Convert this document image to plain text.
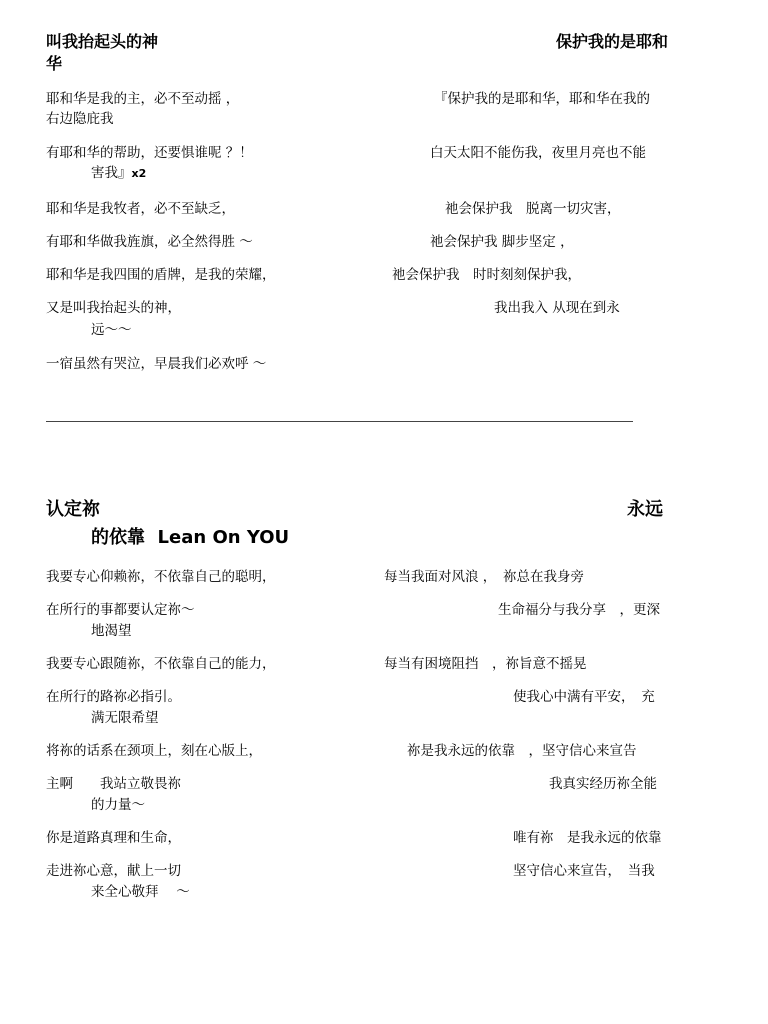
叫我抬起头的神	保护我的是耶和
华
耶和华是我的主，必不至动摇 ，	『保护我的是耶和华，耶和华在我的
右边隐庇我
有耶和华的帮助，还要惧谁呢 ？！	白天太阳不能伤我，夜里月亮也不能
害我』x2
耶和华是我牧者，必不至缺乏，	祂会保护我　脱离一切灾害，
有耶和华做我旌旗，必全然得胜 ～	祂会保护我 脚步坚定 ，
耶和华是我四围的盾牌，是我的荣耀，	祂会保护我　时时刻刻保护我，
又是叫我抬起头的神，	我出我入 从现在到永
远～～
一宿虽然有哭泣，早晨我们必欢呼 ～
认定祢	永远
的依靠 Lean On YOU
我要专心仰赖祢，不依靠自己的聪明，	每当我面对风浪 ，　祢总在我身旁
在所行的事都要认定祢～	生命福分与我分享　，更深
地渴望
我要专心跟随祢，不依靠自己的能力，	每当有困境阻挡　，祢旨意不摇晃
在所行的路祢必指引。	使我心中满有平安，　充
满无限希望
将祢的话系在颈项上，刻在心版上，	祢是我永远的依靠　，坚守信心来宣告
主啊　　我站立敬畏祢	我真实经历祢全能
的力量～
你是道路真理和生命，	唯有祢　是我永远的依靠
走进祢心意，献上一切	坚守信心来宣告，　当我
来全心敬拜　 ～
